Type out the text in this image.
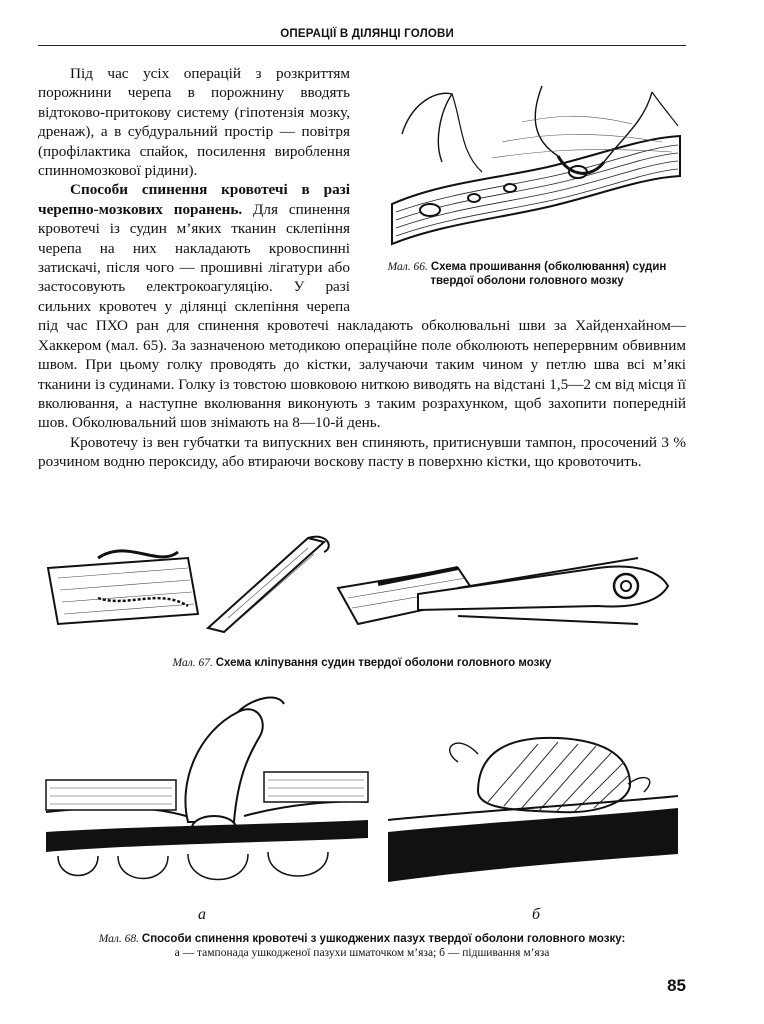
ОПЕРАЦІЇ В ДІЛЯНЦІ ГОЛОВИ
Мал. 66. Схема прошивання (обколювання) судин твердої оболони головного мозку

Під час усіх операцій з розкриттям порожнини черепа в порожнину вводять відтоково-притокову систему (гіпотензія мозку, дренаж), а в субдуральний простір — повітря (профілактика спайок, посилення вироблення спинномозкової рідини).

Способи спинення кровотечі в разі черепно-мозкових поранень. Для спинення кровотечі із судин м’яких тканин склепіння черепа на них накладають кровоспинні затискачі, після чого — прошивні лігатури або застосовують електрокоагуляцію. У разі сильних кровотеч у ділянці склепіння черепа під час ПХО ран для спинення кровотечі накладають обколювальні шви за Хайденхайном—Хаккером (мал. 65). За зазначеною методикою операційне поле обколюють неперервним обвивним швом. При цьому голку проводять до кістки, залучаючи таким чином у петлю шва всі м’які тканини із судинами. Голку із товстою шовковою ниткою виводять на відстані 1,5—2 см від місця її вколювання, а наступне вколювання виконують з таким розрахунком, щоб захопити попередній шов. Обколювальний шов знімають на 8—10-й день.

Кровотечу із вен губчатки та випускних вен спиняють, притиснувши тампон, просочений 3 % розчином водню пероксиду, або втираючи воскову пасту в поверхню кістки, що кровоточить.

Мал. 67. Схема кліпування судин твердої оболони головного мозку
а	б
Мал. 68. Способи спинення кровотечі з ушкоджених пазух твердої оболони головного мозку:
а — тампонада ушкодженої пазухи шматочком м’яза; б — підшивання м’яза
85
